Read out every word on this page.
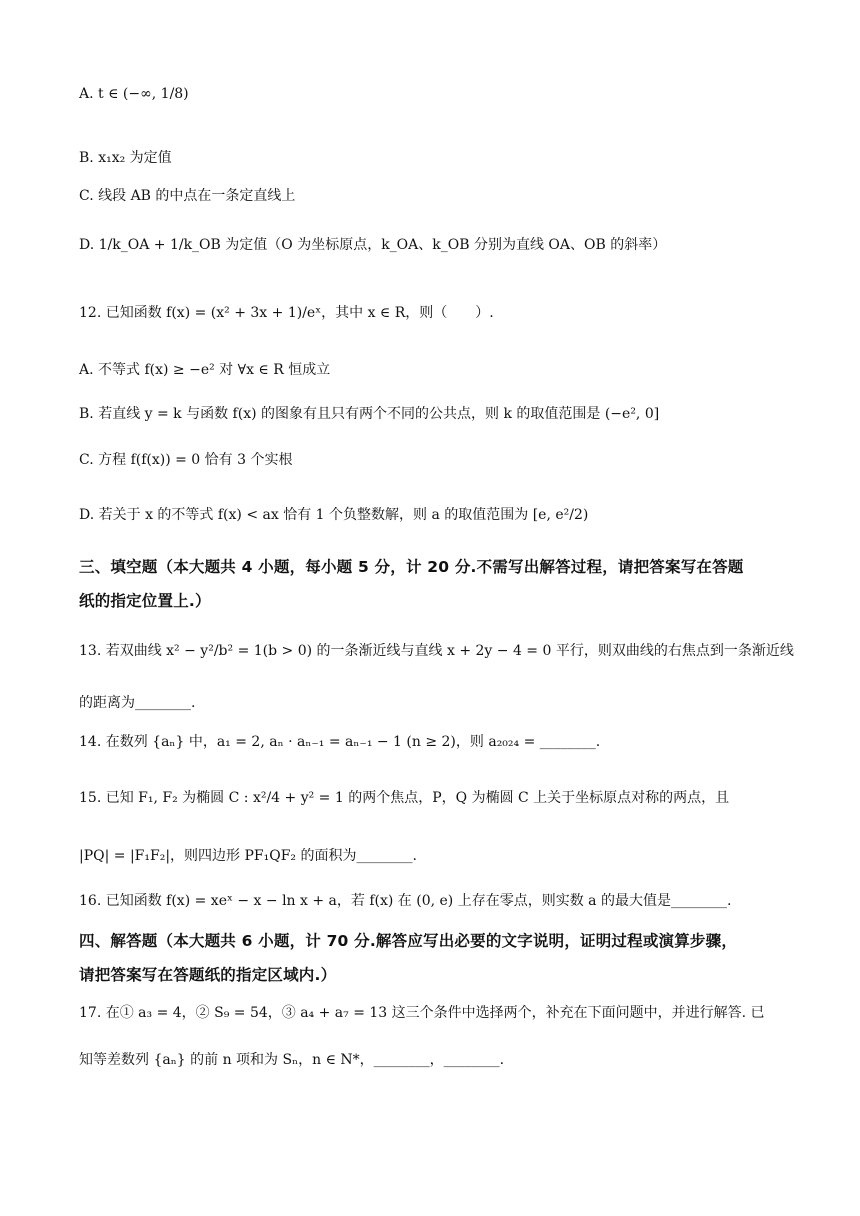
A. t ∈ (−∞, 1/8)
B. x₁x₂ 为定值
C. 线段 AB 的中点在一条定直线上
D. 1/k_OA + 1/k_OB 为定值（O 为坐标原点，k_OA、k_OB 分别为直线 OA、OB 的斜率）
12. 已知函数 f(x) = (x² + 3x + 1)/eˣ，其中 x ∈ R，则（　　）.
A. 不等式 f(x) ≥ −e² 对 ∀x ∈ R 恒成立
B. 若直线 y = k 与函数 f(x) 的图象有且只有两个不同的公共点，则 k 的取值范围是 (−e², 0]
C. 方程 f(f(x)) = 0 恰有 3 个实根
D. 若关于 x 的不等式 f(x) < ax 恰有 1 个负整数解，则 a 的取值范围为 [e, e²/2)
三、填空题（本大题共 4 小题，每小题 5 分，计 20 分.不需写出解答过程，请把答案写在答题
纸的指定位置上.）
13. 若双曲线 x² − y²/b² = 1(b > 0) 的一条渐近线与直线 x + 2y − 4 = 0 平行，则双曲线的右焦点到一条渐近线
的距离为________.
14. 在数列 {aₙ} 中，a₁ = 2, aₙ · aₙ₋₁ = aₙ₋₁ − 1 (n ≥ 2)，则 a₂₀₂₄ = ________.
15. 已知 F₁, F₂ 为椭圆 C : x²/4 + y² = 1 的两个焦点，P，Q 为椭圆 C 上关于坐标原点对称的两点，且
|PQ| = |F₁F₂|，则四边形 PF₁QF₂ 的面积为________.
16. 已知函数 f(x) = xeˣ − x − ln x + a，若 f(x) 在 (0, e) 上存在零点，则实数 a 的最大值是________.
四、解答题（本大题共 6 小题，计 70 分.解答应写出必要的文字说明，证明过程或演算步骤，
请把答案写在答题纸的指定区域内.）
17. 在① a₃ = 4，② S₉ = 54，③ a₄ + a₇ = 13 这三个条件中选择两个，补充在下面问题中，并进行解答. 已
知等差数列 {aₙ} 的前 n 项和为 Sₙ，n ∈ N*，________，________.
